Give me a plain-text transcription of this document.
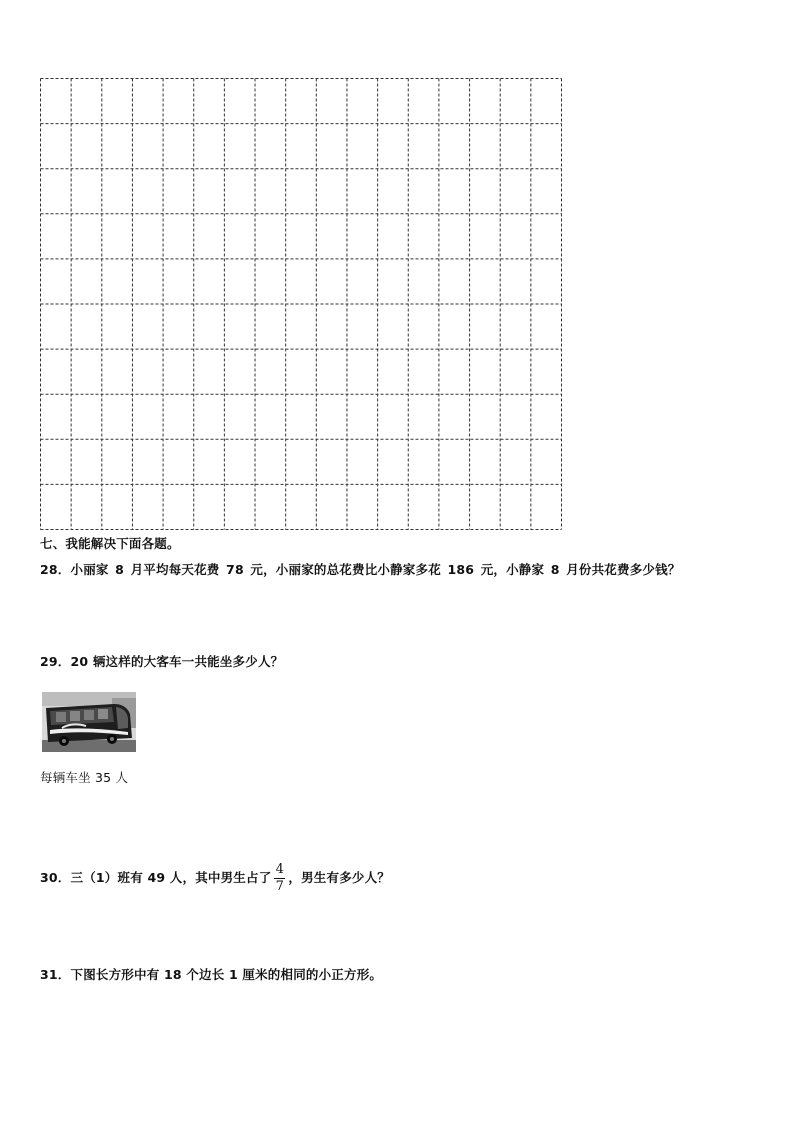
七、我能解决下面各题。
28．小丽家 8 月平均每天花费 78 元，小丽家的总花费比小静家多花 186 元，小静家 8 月份共花费多少钱？
29．20 辆这样的大客车一共能坐多少人？
每辆车坐 35 人
30．三（1）班有 49 人，其中男生占了 $\frac{4}{7}$ ，男生有多少人？
31．下图长方形中有 18 个边长 1 厘米的相同的小正方形。
